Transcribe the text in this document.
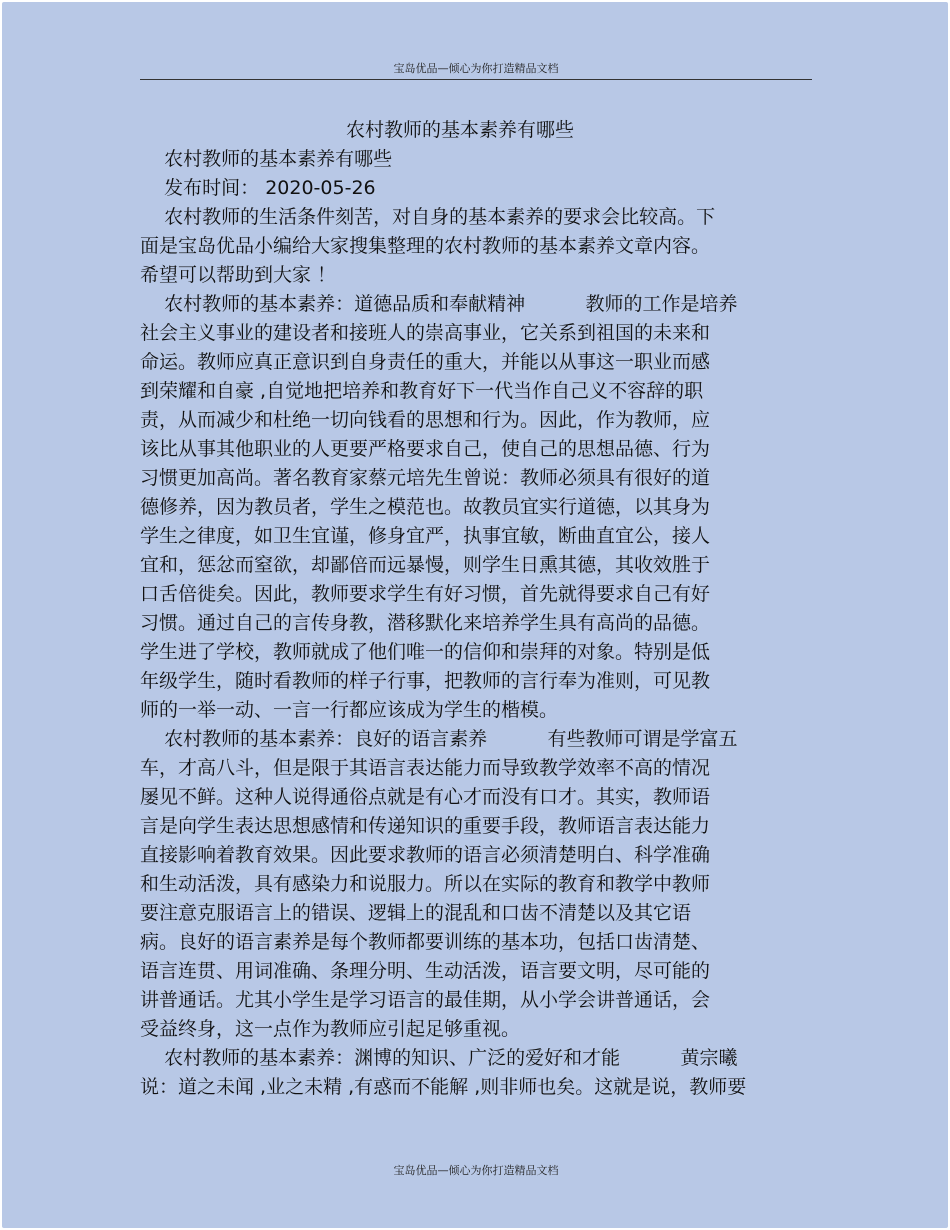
宝岛优品—倾心为你打造精品文档
农村教师的基本素养有哪些
农村教师的基本素养有哪些
发布时间： 2020-05-26
农村教师的生活条件刻苦，对自身的基本素养的要求会比较高。下
面是宝岛优品小编给大家搜集整理的农村教师的基本素养文章内容。
希望可以帮助到大家 ！
农村教师的基本素养：道德品质和奉献精神          教师的工作是培养
社会主义事业的建设者和接班人的崇高事业，它关系到祖国的未来和
命运。教师应真正意识到自身责任的重大，并能以从事这一职业而感
到荣耀和自豪 ,自觉地把培养和教育好下一代当作自己义不容辞的职
责，从而减少和杜绝一切向钱看的思想和行为。因此，作为教师，应
该比从事其他职业的人更要严格要求自己，使自己的思想品德、行为
习惯更加高尚。著名教育家蔡元培先生曾说：教师必须具有很好的道
德修养，因为教员者，学生之模范也。故教员宜实行道德，以其身为
学生之律度，如卫生宜谨，修身宜严，执事宜敏，断曲直宜公，接人
宜和，惩忿而窒欲，却鄙倍而远暴慢，则学生日熏其德，其收效胜于
口舌倍徙矣。因此，教师要求学生有好习惯，首先就得要求自己有好
习惯。通过自己的言传身教，潜移默化来培养学生具有高尚的品德。
学生进了学校，教师就成了他们唯一的信仰和崇拜的对象。特别是低
年级学生，随时看教师的样子行事，把教师的言行奉为准则，可见教
师的一举一动、一言一行都应该成为学生的楷模。
农村教师的基本素养：良好的语言素养          有些教师可谓是学富五
车，才高八斗，但是限于其语言表达能力而导致教学效率不高的情况
屡见不鲜。这种人说得通俗点就是有心才而没有口才。其实，教师语
言是向学生表达思想感情和传递知识的重要手段，教师语言表达能力
直接影响着教育效果。因此要求教师的语言必须清楚明白、科学准确
和生动活泼，具有感染力和说服力。所以在实际的教育和教学中教师
要注意克服语言上的错误、逻辑上的混乱和口齿不清楚以及其它语
病。良好的语言素养是每个教师都要训练的基本功，包括口齿清楚、
语言连贯、用词准确、条理分明、生动活泼，语言要文明，尽可能的
讲普通话。尤其小学生是学习语言的最佳期，从小学会讲普通话，会
受益终身，这一点作为教师应引起足够重视。
农村教师的基本素养：渊博的知识、广泛的爱好和才能          黄宗曦
说：道之未闻 ,业之未精 ,有惑而不能解 ,则非师也矣。这就是说，教师要
宝岛优品—倾心为你打造精品文档
